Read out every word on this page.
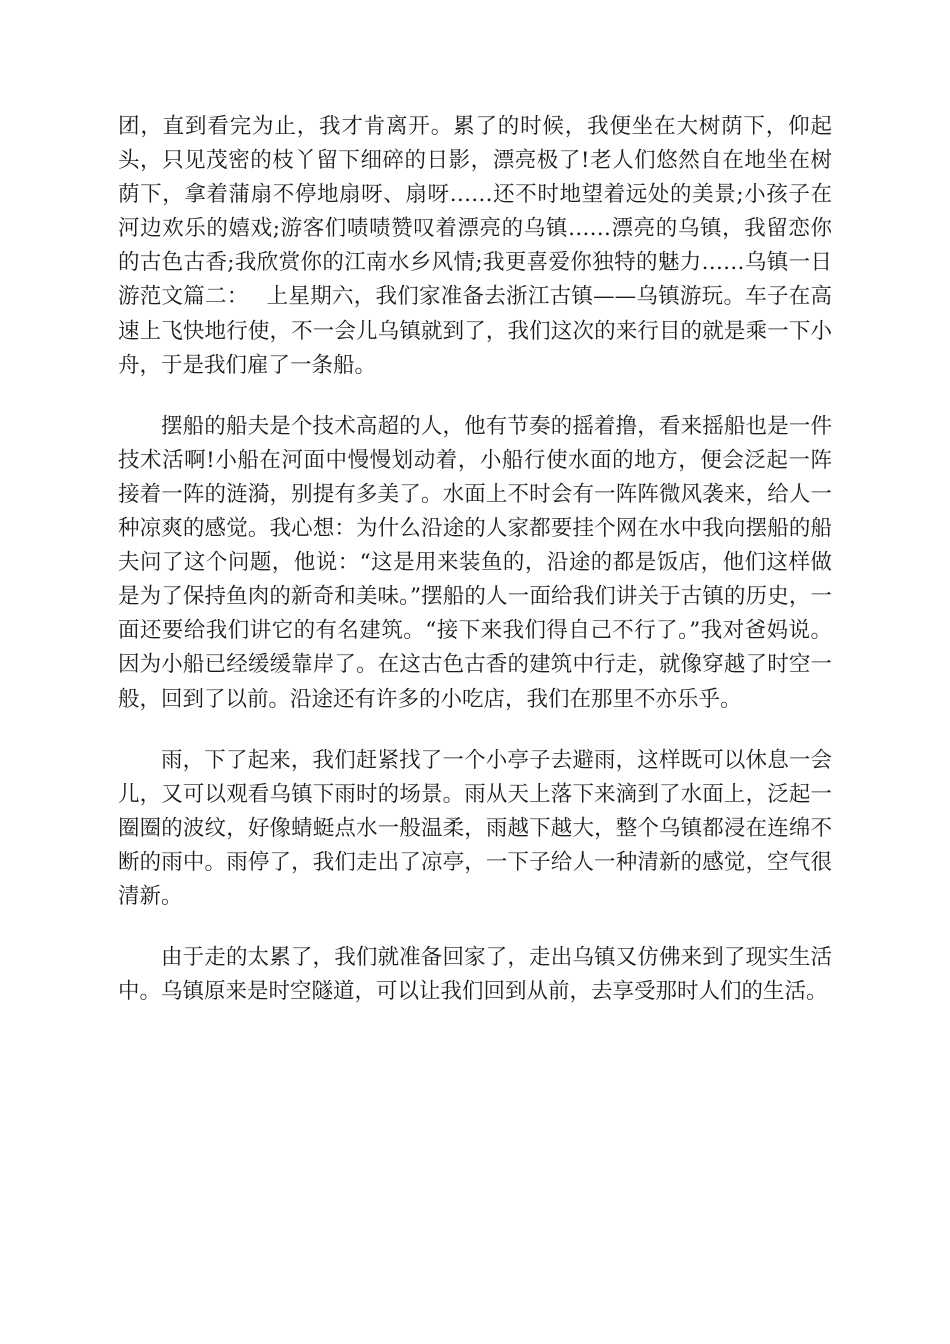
团，直到看完为止，我才肯离开。累了的时候，我便坐在大树荫下，仰起头，只见茂密的枝丫留下细碎的日影，漂亮极了!老人们悠然自在地坐在树荫下，拿着蒲扇不停地扇呀、扇呀……还不时地望着远处的美景;小孩子在河边欢乐的嬉戏;游客们啧啧赞叹着漂亮的乌镇……漂亮的乌镇，我留恋你的古色古香;我欣赏你的江南水乡风情;我更喜爱你独特的魅力……乌镇一日游范文篇二：　 上星期六，我们家准备去浙江古镇——乌镇游玩。车子在高速上飞快地行使，不一会儿乌镇就到了，我们这次的来行目的就是乘一下小舟，于是我们雇了一条船。

摆船的船夫是个技术高超的人，他有节奏的摇着撸，看来摇船也是一件技术活啊!小船在河面中慢慢划动着，小船行使水面的地方，便会泛起一阵接着一阵的涟漪，别提有多美了。水面上不时会有一阵阵微风袭来，给人一种凉爽的感觉。我心想：为什么沿途的人家都要挂个网在水中我向摆船的船夫问了这个问题，他说：“这是用来装鱼的，沿途的都是饭店，他们这样做是为了保持鱼肉的新奇和美味。”摆船的人一面给我们讲关于古镇的历史，一面还要给我们讲它的有名建筑。“接下来我们得自己不行了。”我对爸妈说。因为小船已经缓缓靠岸了。在这古色古香的建筑中行走，就像穿越了时空一般，回到了以前。沿途还有许多的小吃店，我们在那里不亦乐乎。

雨，下了起来，我们赶紧找了一个小亭子去避雨，这样既可以休息一会儿，又可以观看乌镇下雨时的场景。雨从天上落下来滴到了水面上，泛起一圈圈的波纹，好像蜻蜓点水一般温柔，雨越下越大，整个乌镇都浸在连绵不断的雨中。雨停了，我们走出了凉亭，一下子给人一种清新的感觉，空气很清新。

由于走的太累了，我们就准备回家了，走出乌镇又仿佛来到了现实生活中。乌镇原来是时空隧道，可以让我们回到从前，去享受那时人们的生活。
